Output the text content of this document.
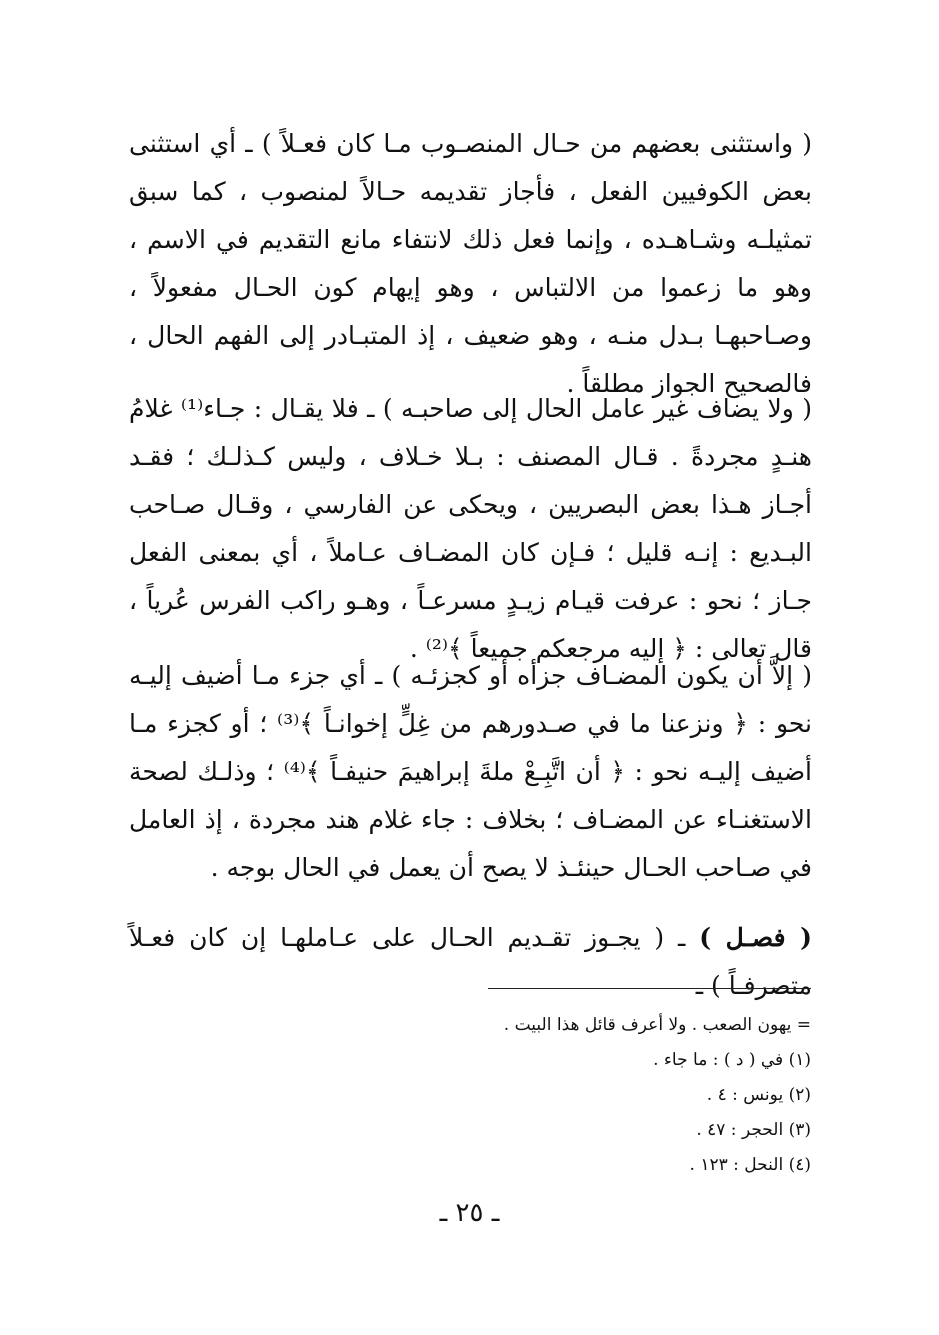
( واستثنى بعضهم من حـال المنصـوب مـا كان فعـلاً ) ـ أي استثنى بعض الكوفيين الفعل ، فأجاز تقديمه حـالاً لمنصوب ، كما سبق تمثيلـه وشـاهـده ، وإنما فعل ذلك لانتفاء مانع التقديم في الاسم ، وهو ما زعموا من الالتباس ، وهو إيهام كون الحـال مفعولاً ، وصـاحبهـا بـدل منـه ، وهو ضعيف ، إذ المتبـادر إلى الفهم الحال ، فالصحيح الجواز مطلقاً .

( ولا يضاف غير عامل الحال إلى صاحبـه ) ـ فلا يقـال : جـاء⁽¹⁾ غلامُ هنـدٍ مجردةً . قـال المصنف : بـلا خـلاف ، وليس كـذلـك ؛ فقـد أجـاز هـذا بعض البصريين ، ويحكى عن الفارسي ، وقـال صـاحب البـديع : إنـه قليل ؛ فـإن كان المضـاف عـاملاً ، أي بمعنى الفعل جـاز ؛ نحو : عرفت قيـام زيـدٍ مسرعـاً ، وهـو راكب الفرس عُرياً ، قال تعالى : ﴿ إليه مرجعكم جميعاً ﴾⁽²⁾ .

( إلاَّ أن يكون المضـاف جزأه أو كجزئـه ) ـ أي جزء مـا أضيف إليـه نحو : ﴿ ونزعنا ما في صـدورهم من غِلٍّ إخوانـاً ﴾⁽³⁾ ؛ أو كجزء مـا أضيف إليـه نحو : ﴿ أن اتَّبِـعْ ملةَ إبراهيمَ حنيفـاً ﴾⁽⁴⁾ ؛ وذلـك لصحة الاستغنـاء عن المضـاف ؛ بخلاف : جاء غلام هند مجردة ، إذ العامل في صـاحب الحـال حينئـذ لا يصح أن يعمل في الحال بوجه .

( فصـل ) ـ ( يجـوز تقـديم الحـال على عـاملهـا إن كان فعـلاً متصرفـاً ) ـ

= يهون الصعب . ولا أعرف قائل هذا البيت .
(١) في ( د ) : ما جاء .
(٢) يونس : ٤ .
(٣) الحجر : ٤٧ .
(٤) النحل : ١٢٣ .
ـ ٢٥ ـ
